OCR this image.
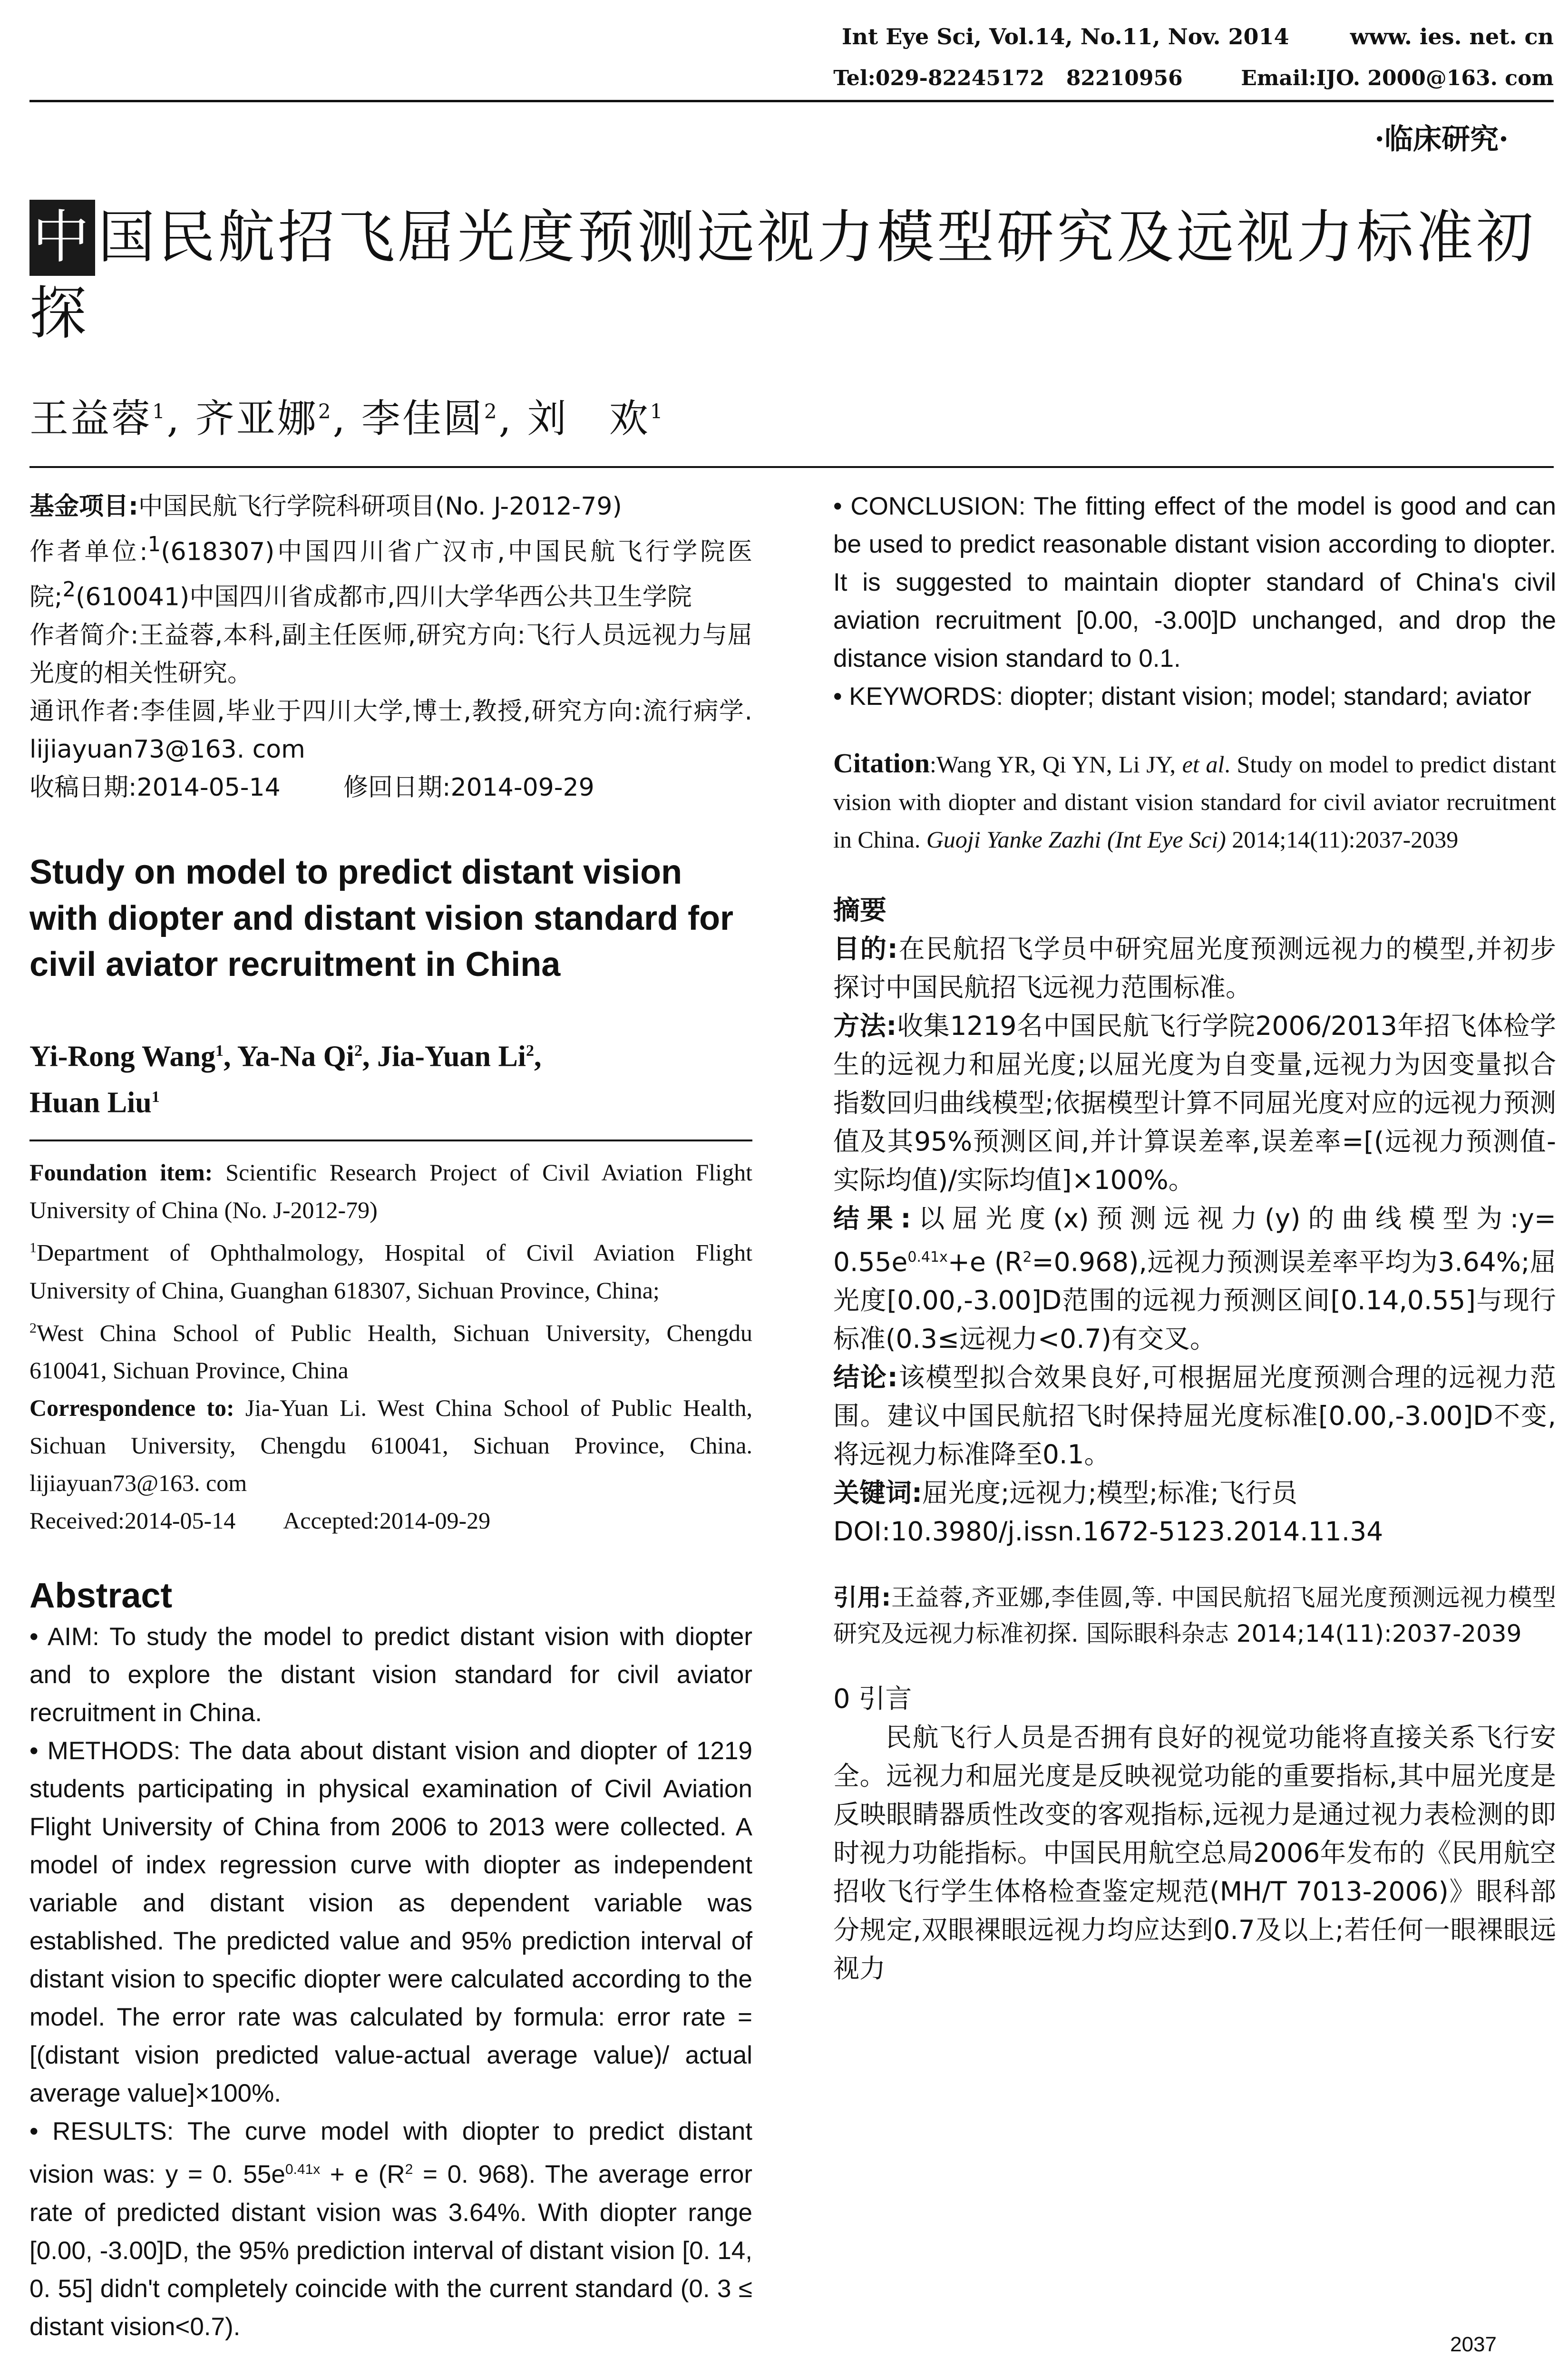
Int Eye Sci, Vol.14, No.11, Nov. 2014        www. ies. net. cn
Tel:029-82245172   82210956        Email:IJO. 2000@163. com
·临床研究·
中 国民航招飞屈光度预测远视力模型研究及远视力标准初探
王益蓉$^1$, 齐亚娜$^2$, 李佳圆$^2$, 刘　欢$^1$
基金项目:中国民航飞行学院科研项目(No. J-2012-79)
作者单位:$^1$(618307)中国四川省广汉市,中国民航飞行学院医院;$^2$(610041)中国四川省成都市,四川大学华西公共卫生学院
作者简介:王益蓉,本科,副主任医师,研究方向:飞行人员远视力与屈光度的相关性研究。
通讯作者:李佳圆,毕业于四川大学,博士,教授,研究方向:流行病学. lijiayuan73@163. com
收稿日期:2014-05-14	修回日期:2014-09-29
Study on model to predict distant vision with diopter and distant vision standard for civil aviator recruitment in China
Yi-Rong Wang$^1$, Ya-Na Qi$^2$, Jia-Yuan Li$^2$,
Huan Liu$^1$
Foundation item: Scientific Research Project of Civil Aviation Flight University of China (No. J-2012-79)
$^1$Department of Ophthalmology, Hospital of Civil Aviation Flight University of China, Guanghan 618307, Sichuan Province, China;
$^2$West China School of Public Health, Sichuan University, Chengdu 610041, Sichuan Province, China
Correspondence to: Jia-Yuan Li. West China School of Public Health, Sichuan University, Chengdu 610041, Sichuan Province, China. lijiayuan73@163. com
Received:2014-05-14 Accepted:2014-09-29
Abstract
• AIM: To study the model to predict distant vision with diopter and to explore the distant vision standard for civil aviator recruitment in China.
• METHODS: The data about distant vision and diopter of 1219 students participating in physical examination of Civil Aviation Flight University of China from 2006 to 2013 were collected. A model of index regression curve with diopter as independent variable and distant vision as dependent variable was established. The predicted value and 95% prediction interval of distant vision to specific diopter were calculated according to the model. The error rate was calculated by formula: error rate = [(distant vision predicted value-actual average value)/ actual average value]×100%.
• RESULTS: The curve model with diopter to predict distant vision was: y = 0. $55e^{0.41x} + e$ ($R^2 = 0$. 968). The average error rate of predicted distant vision was 3.64%. With diopter range [0.00, -3.00]D, the 95% prediction interval of distant vision [0. 14, 0. 55] didn't completely coincide with the current standard (0. 3 ≤ distant vision<0.7).
• CONCLUSION: The fitting effect of the model is good and can be used to predict reasonable distant vision according to diopter. It is suggested to maintain diopter standard of China's civil aviation recruitment [0.00, -3.00]D unchanged, and drop the distance vision standard to 0.1.
• KEYWORDS: diopter; distant vision; model; standard; aviator
Citation:Wang YR, Qi YN, Li JY, et al. Study on model to predict distant vision with diopter and distant vision standard for civil aviator recruitment in China. Guoji Yanke Zazhi (Int Eye Sci) 2014;14(11):2037-2039
摘要
目的:在民航招飞学员中研究屈光度预测远视力的模型,并初步探讨中国民航招飞远视力范围标准。
方法:收集1219名中国民航飞行学院2006/2013年招飞体检学生的远视力和屈光度;以屈光度为自变量,远视力为因变量拟合指数回归曲线模型;依据模型计算不同屈光度对应的远视力预测值及其95%预测区间,并计算误差率,误差率=[(远视力预测值-实际均值)/实际均值]×100%。
结果:以屈光度(x)预测远视力(y)的曲线模型为:y= $0.55e^{0.41x}+e$ $(R^2=0.968)$,远视力预测误差率平均为3.64%;屈光度[0.00,-3.00]D范围的远视力预测区间[0.14,0.55]与现行标准(0.3≤远视力<0.7)有交叉。
结论:该模型拟合效果良好,可根据屈光度预测合理的远视力范围。建议中国民航招飞时保持屈光度标准[0.00,-3.00]D不变,将远视力标准降至0.1。
关键词:屈光度;远视力;模型;标准;飞行员
DOI:10.3980/j.issn.1672-5123.2014.11.34
引用:王益蓉,齐亚娜,李佳圆,等. 中国民航招飞屈光度预测远视力模型研究及远视力标准初探. 国际眼科杂志 2014;14(11):2037-2039
0 引言
民航飞行人员是否拥有良好的视觉功能将直接关系飞行安全。远视力和屈光度是反映视觉功能的重要指标,其中屈光度是反映眼睛器质性改变的客观指标,远视力是通过视力表检测的即时视力功能指标。中国民用航空总局2006年发布的《民用航空招收飞行学生体格检查鉴定规范(MH/T 7013-2006)》眼科部分规定,双眼裸眼远视力均应达到0.7及以上;若任何一眼裸眼远视力
2037
